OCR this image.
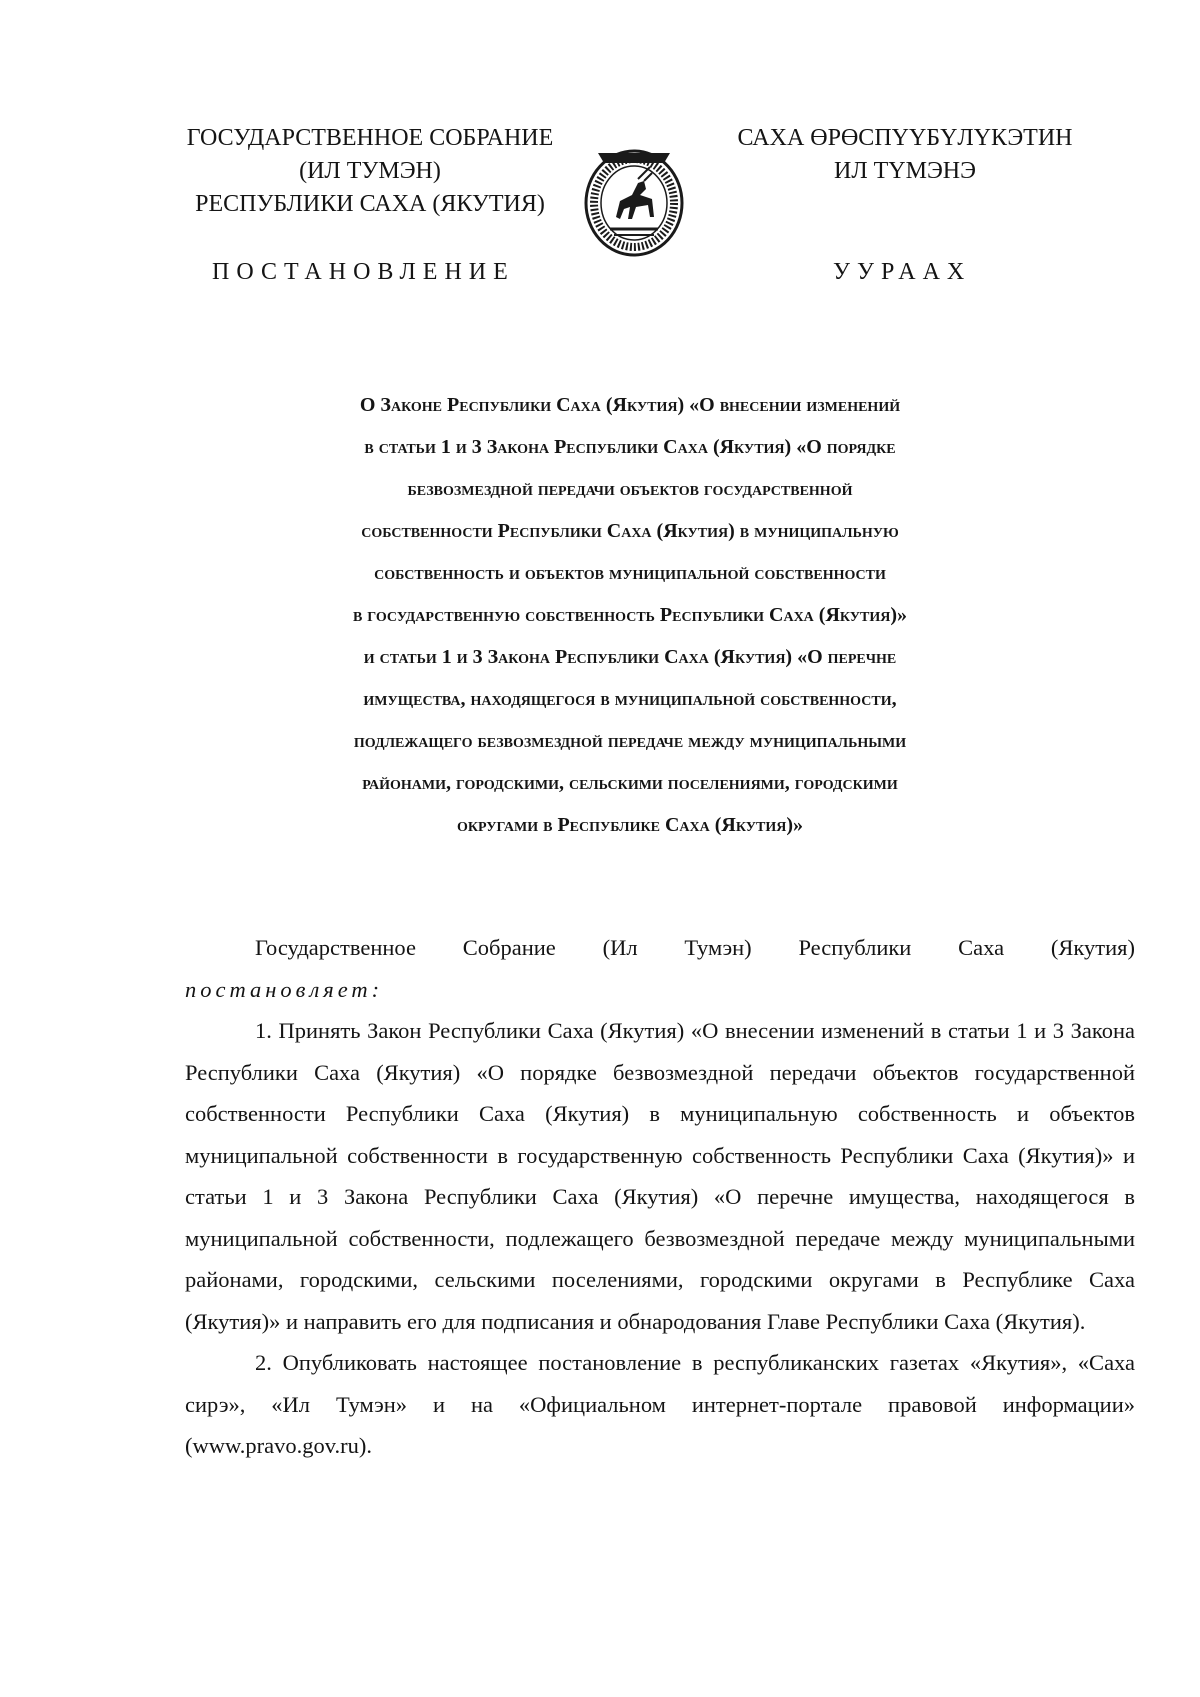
ГОСУДАРСТВЕННОЕ СОБРАНИЕ
(ИЛ ТУМЭН)
РЕСПУБЛИКИ САХА (ЯКУТИЯ)
САХА ӨРӨСПҮҮБҮЛҮКЭТИН
ИЛ ТҮМЭНЭ
ПОСТАНОВЛЕНИЕ	УУРААХ
О Законе Республики Саха (Якутия) «О внесении изменений
в статьи 1 и 3 Закона Республики Саха (Якутия) «О порядке
безвозмездной передачи объектов государственной
собственности Республики Саха (Якутия) в муниципальную
собственность и объектов муниципальной собственности
в государственную собственность Республики Саха (Якутия)»
и статьи 1 и 3 Закона Республики Саха (Якутия) «О перечне
имущества, находящегося в муниципальной собственности,
подлежащего безвозмездной передаче между муниципальными
районами, городскими, сельскими поселениями, городскими
округами в Республике Саха (Якутия)»

Государственное Собрание (Ил Тумэн) Республики Саха (Якутия)

постановляет:

1. Принять Закон Республики Саха (Якутия) «О внесении изменений в статьи 1 и 3 Закона Республики Саха (Якутия) «О порядке безвозмездной передачи объектов государственной собственности Республики Саха (Якутия) в муниципальную собственность и объектов муниципальной собственности в государственную собственность Республики Саха (Якутия)» и статьи 1 и 3 Закона Республики Саха (Якутия) «О перечне имущества, находящегося в муниципальной собственности, подлежащего безвозмездной передаче между муниципальными районами, городскими, сельскими поселениями, городскими округами в Республике Саха (Якутия)» и направить его для подписания и обнародования Главе Республики Саха (Якутия).

2. Опубликовать настоящее постановление в республиканских газетах «Якутия», «Саха сирэ», «Ил Тумэн» и на «Официальном интернет-портале правовой информации» (www.pravo.gov.ru).
